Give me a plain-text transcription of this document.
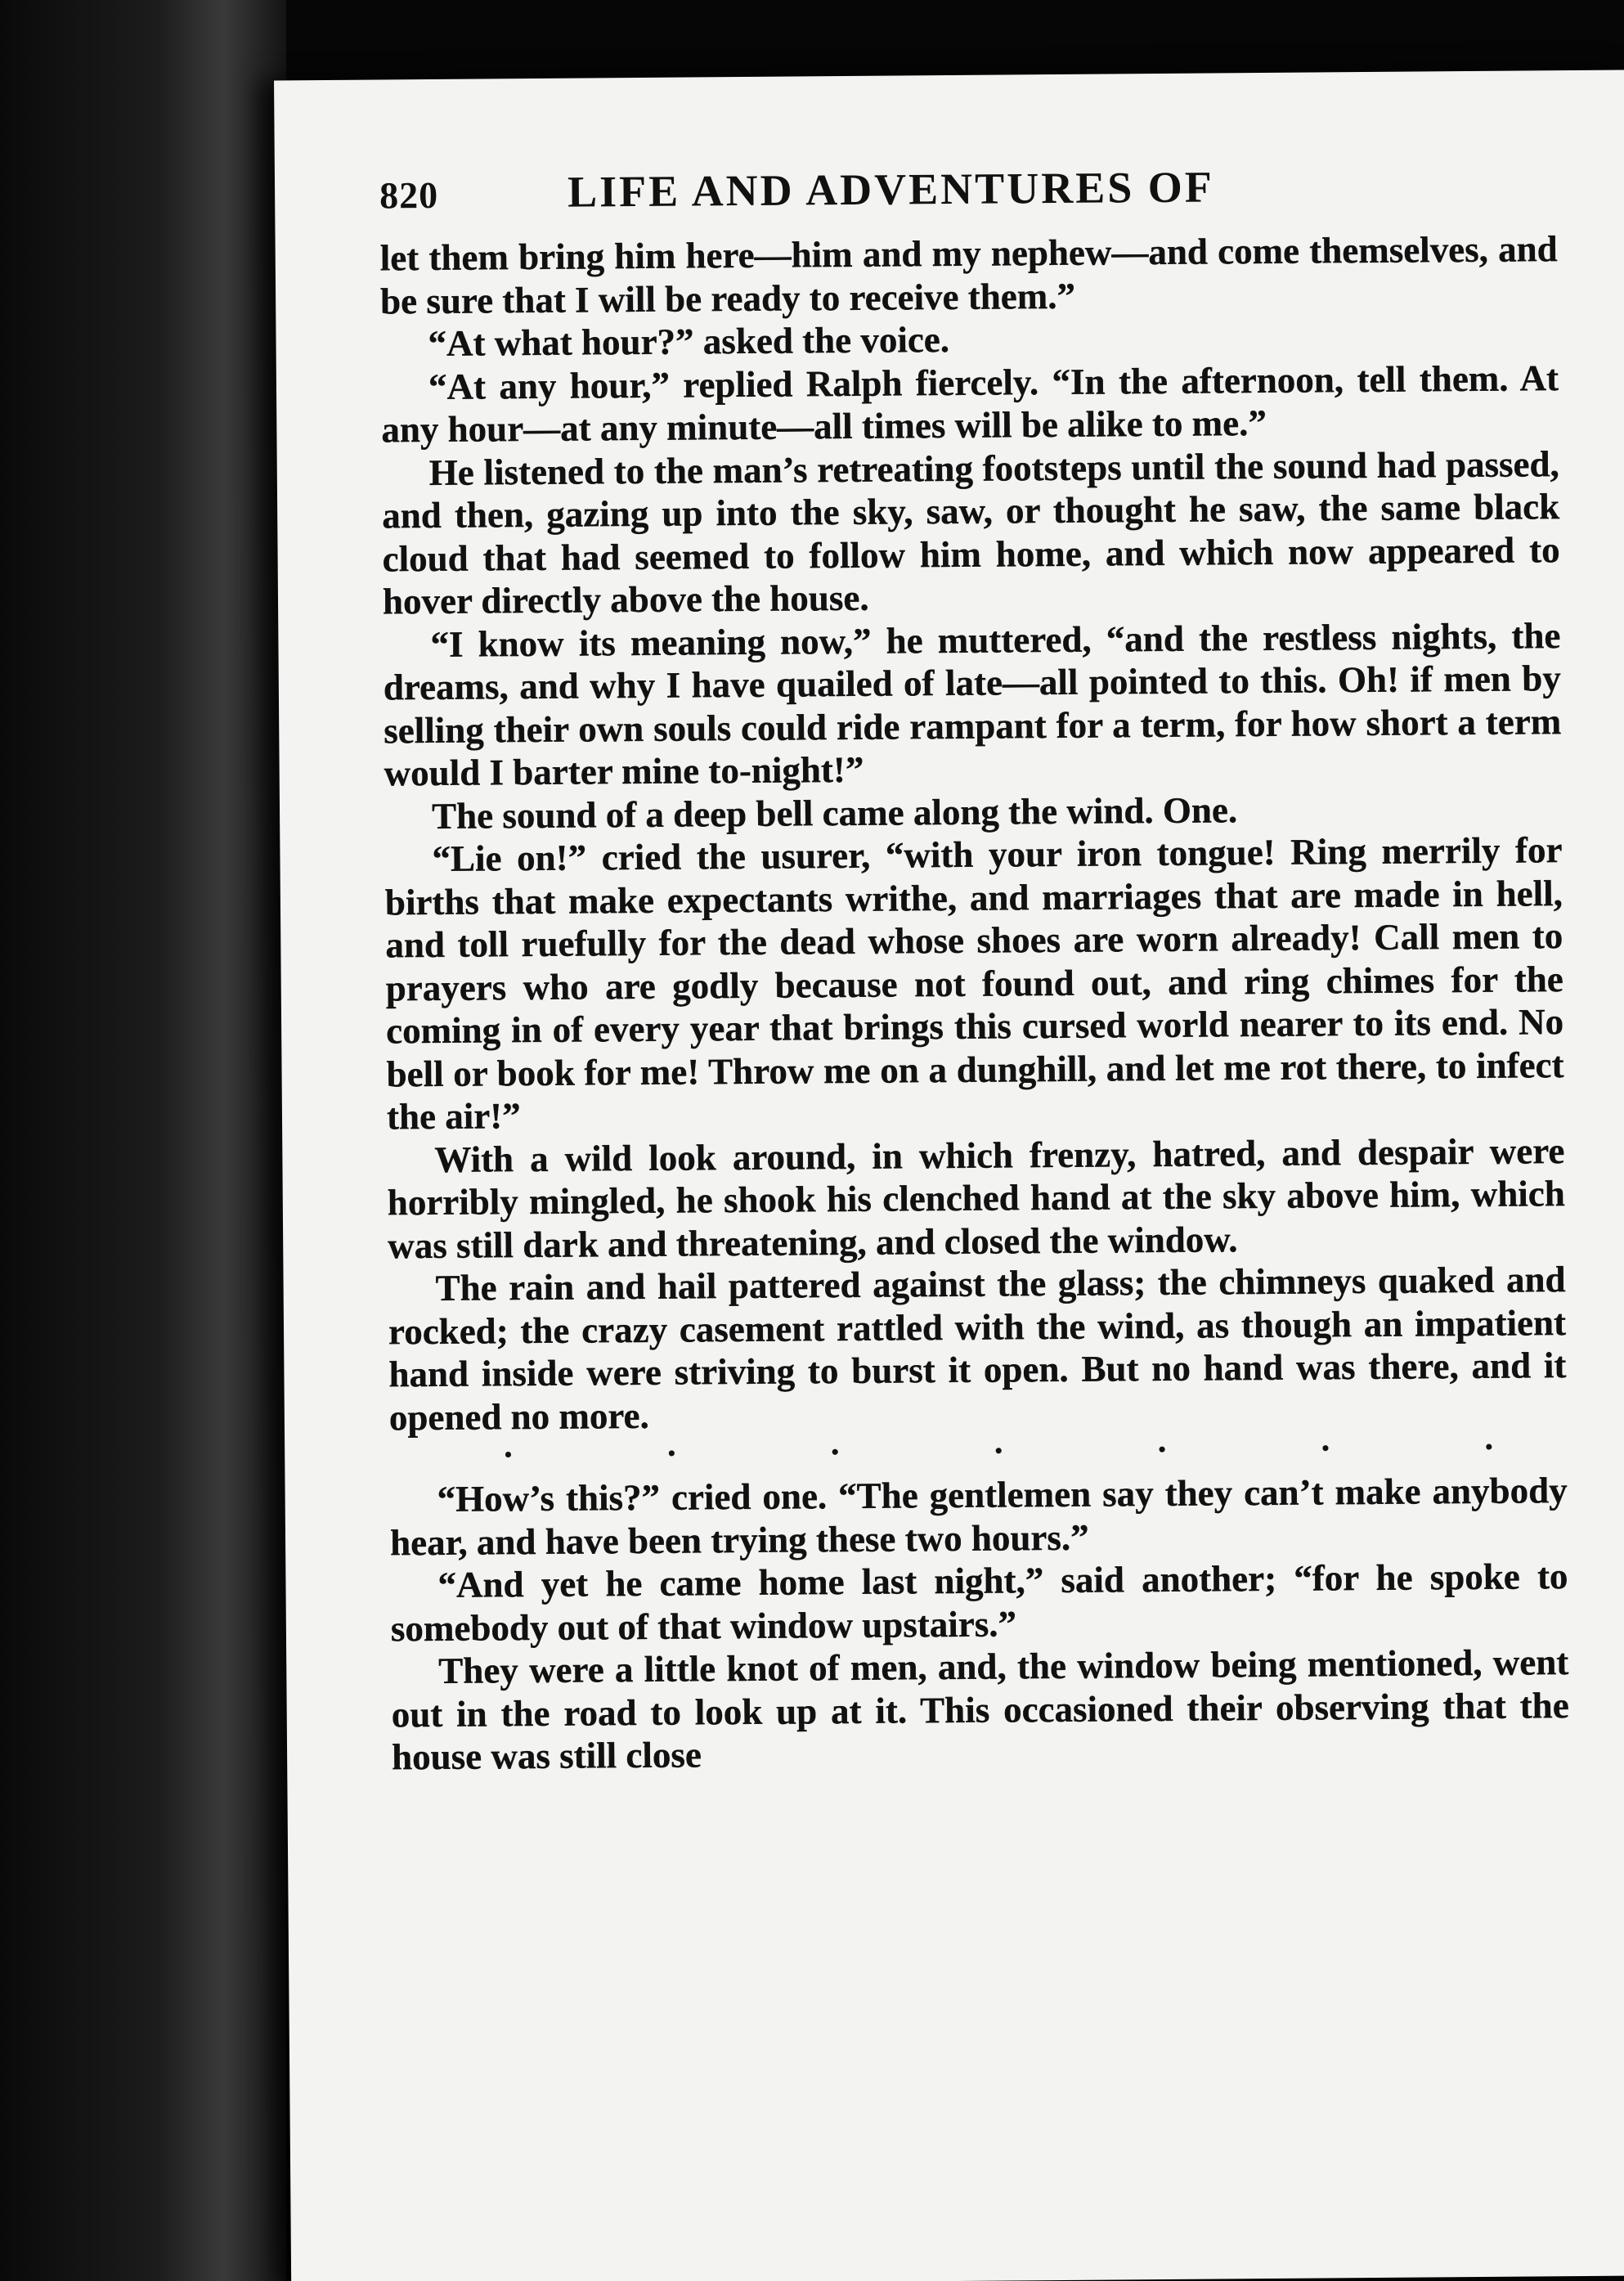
820	LIFE AND ADVENTURES OF

let them bring him here—him and my nephew—and come themselves, and be sure that I will be ready to receive them.”

“At what hour?” asked the voice.

“At any hour,” replied Ralph fiercely. “In the afternoon, tell them. At any hour—at any minute—all times will be alike to me.”

He listened to the man’s retreating footsteps until the sound had passed, and then, gazing up into the sky, saw, or thought he saw, the same black cloud that had seemed to follow him home, and which now appeared to hover directly above the house.

“I know its meaning now,” he muttered, “and the restless nights, the dreams, and why I have quailed of late—all pointed to this. Oh! if men by selling their own souls could ride rampant for a term, for how short a term would I barter mine to-night!”

The sound of a deep bell came along the wind. One.

“Lie on!” cried the usurer, “with your iron tongue! Ring merrily for births that make expectants writhe, and marriages that are made in hell, and toll ruefully for the dead whose shoes are worn already! Call men to prayers who are godly because not found out, and ring chimes for the coming in of every year that brings this cursed world nearer to its end. No bell or book for me! Throw me on a dunghill, and let me rot there, to infect the air!”

With a wild look around, in which frenzy, hatred, and despair were horribly mingled, he shook his clenched hand at the sky above him, which was still dark and threatening, and closed the window.

The rain and hail pattered against the glass; the chimneys quaked and rocked; the crazy casement rattled with the wind, as though an impatient hand inside were striving to burst it open. But no hand was there, and it opened no more.

.	.	.	.	.	.	.

“How’s this?” cried one. “The gentlemen say they can’t make anybody hear, and have been trying these two hours.”

“And yet he came home last night,” said another; “for he spoke to somebody out of that window upstairs.”

They were a little knot of men, and, the window being mentioned, went out in the road to look up at it. This occasioned their observing that the house was still close
